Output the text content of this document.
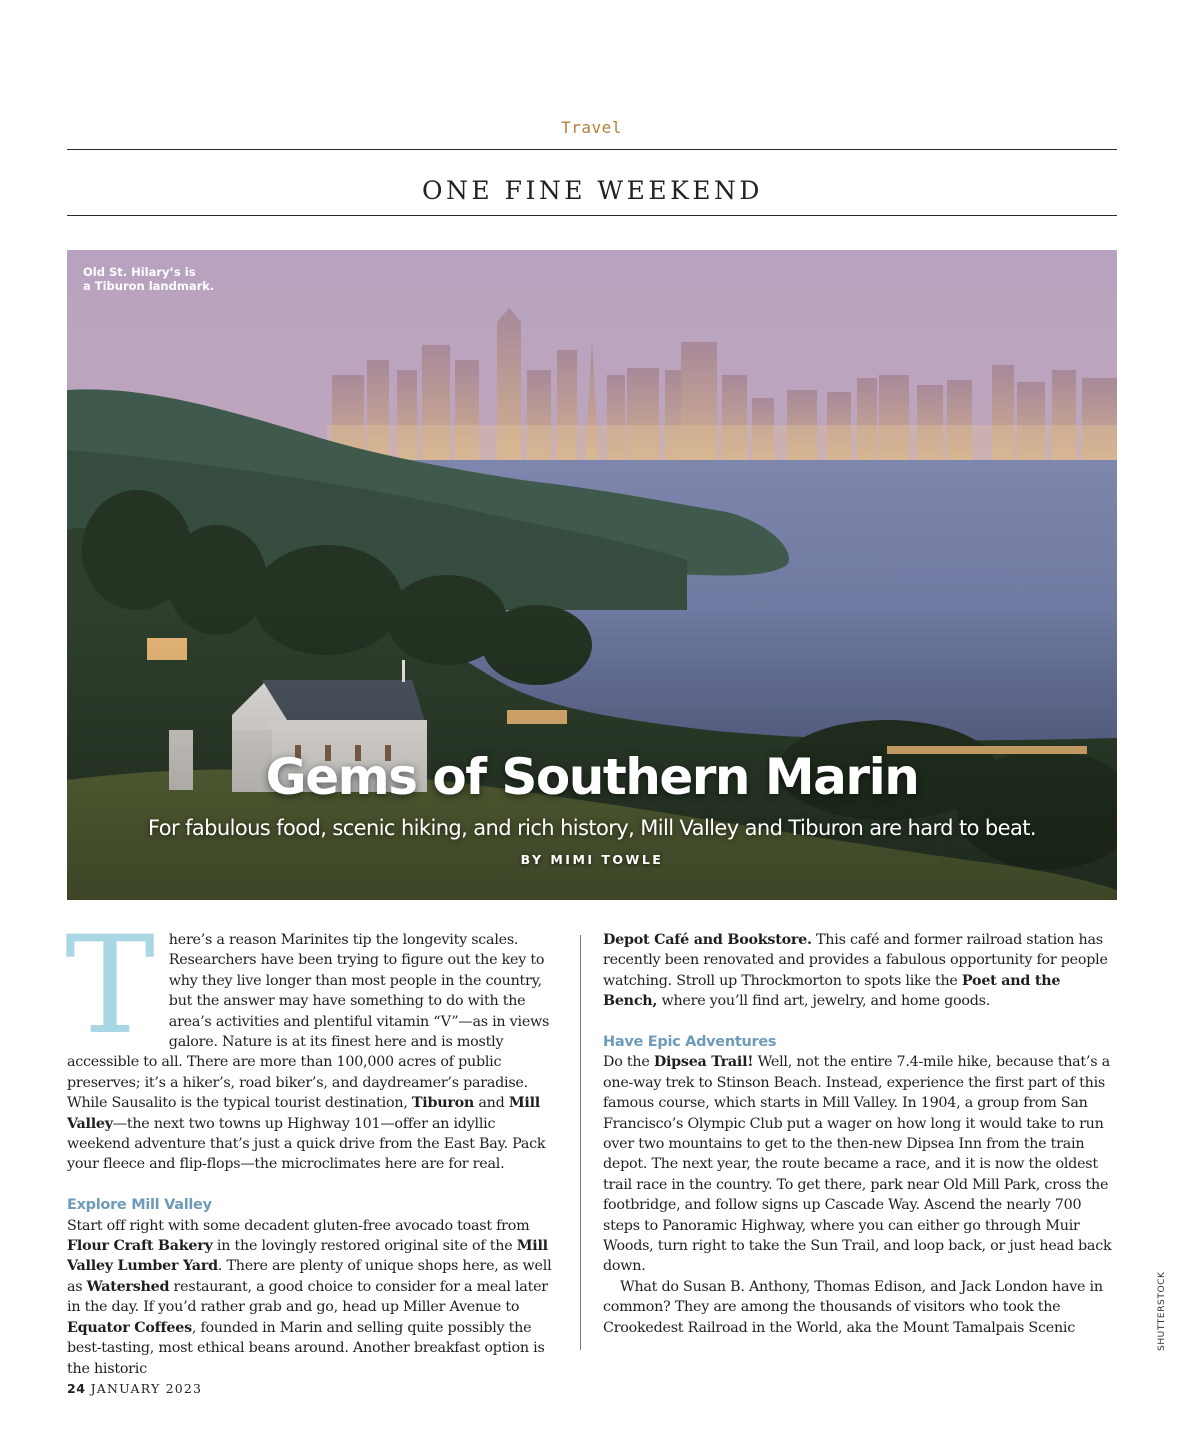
Travel
ONE FINE WEEKEND
Old St. Hilary’s is
a Tiburon landmark.
Gems of Southern Marin
For fabulous food, scenic hiking, and rich history, Mill Valley and Tiburon are hard to beat.
BY MIMI TOWLE

There’s a reason Marinites tip the longevity scales. Researchers have been trying to figure out the key to why they live longer than most people in the country, but the answer may have something to do with the area’s activities and plentiful vitamin “V”—as in views galore. Nature is at its finest here and is mostly accessible to all. There are more than 100,000 acres of public preserves; it’s a hiker’s, road biker’s, and daydreamer’s paradise. While Sausalito is the typical tourist destination, Tiburon and Mill Valley—the next two towns up Highway 101—offer an idyllic weekend adventure that’s just a quick drive from the East Bay. Pack your fleece and flip-flops—the microclimates here are for real.

Explore Mill Valley

Start off right with some decadent gluten-free avocado toast from Flour Craft Bakery in the lovingly restored original site of the Mill Valley Lumber Yard. There are plenty of unique shops here, as well as Watershed restaurant, a good choice to consider for a meal later in the day. If you’d rather grab and go, head up Miller Avenue to Equator Coffees, founded in Marin and selling quite possibly the best-tasting, most ethical beans around. Another breakfast option is the historic

Depot Café and Bookstore. This café and former railroad station has recently been renovated and provides a fabulous opportunity for people watching. Stroll up Throckmorton to spots like the Poet and the Bench, where you’ll find art, jewelry, and home goods.

Have Epic Adventures

Do the Dipsea Trail! Well, not the entire 7.4-mile hike, because that’s a one-way trek to Stinson Beach. Instead, experience the first part of this famous course, which starts in Mill Valley. In 1904, a group from San Francisco’s Olympic Club put a wager on how long it would take to run over two mountains to get to the then-new Dipsea Inn from the train depot. The next year, the route became a race, and it is now the oldest trail race in the country. To get there, park near Old Mill Park, cross the footbridge, and follow signs up Cascade Way. Ascend the nearly 700 steps to Panoramic Highway, where you can either go through Muir Woods, turn right to take the Sun Trail, and loop back, or just head back down.

What do Susan B. Anthony, Thomas Edison, and Jack London have in common? They are among the thousands of visitors who took the Crookedest Railroad in the World, aka the Mount Tamalpais Scenic	SHUTTERSTOCK
24 JANUARY 2023
